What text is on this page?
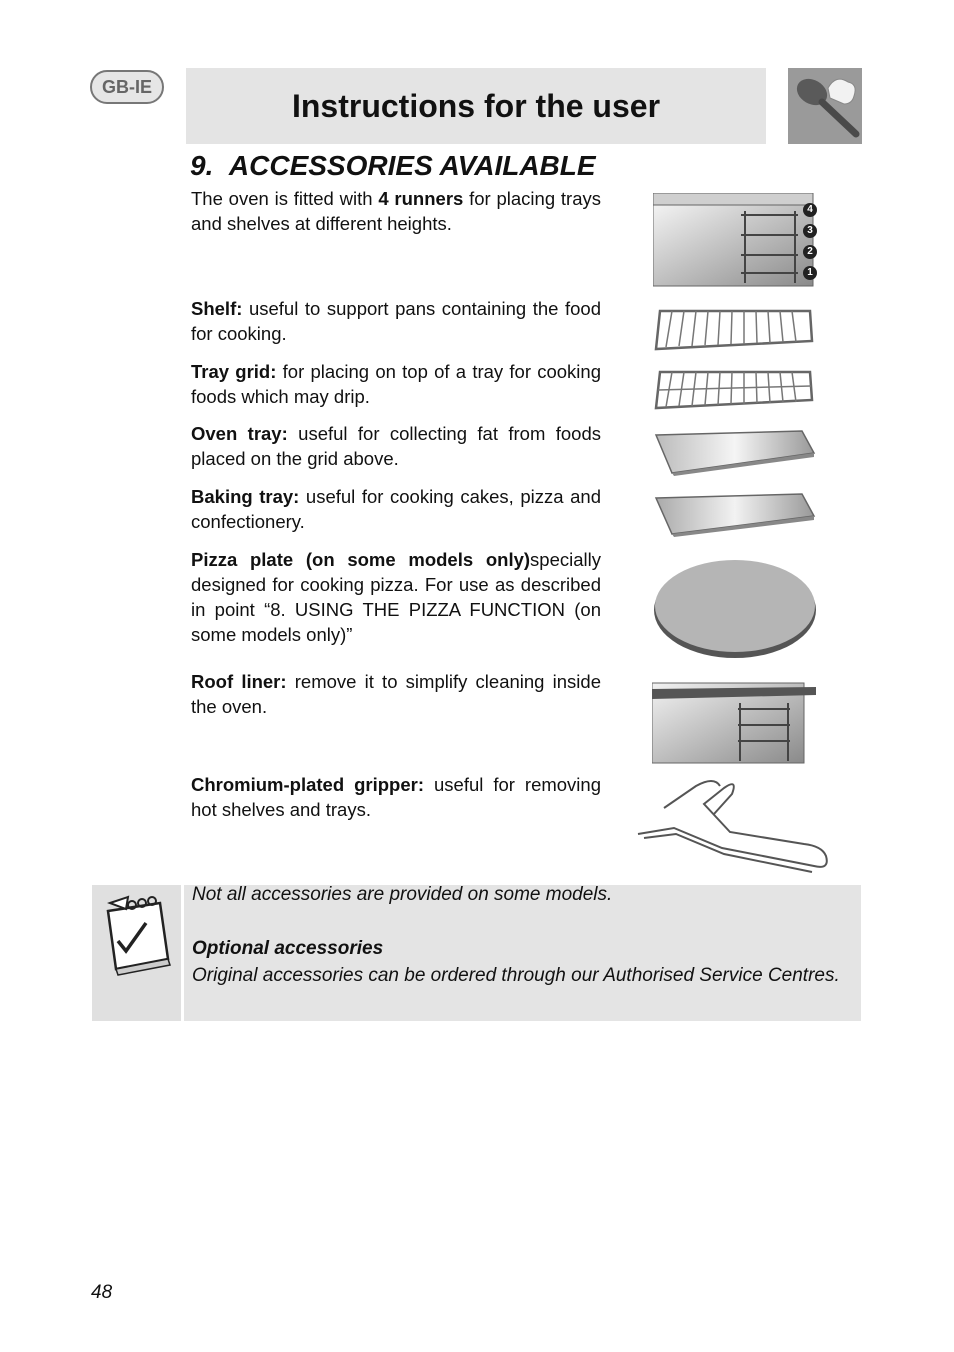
GB-IE
Instructions for the user
9. ACCESSORIES AVAILABLE

The oven is fitted with 4 runners for placing trays and shelves at different heights.

Shelf: useful to support pans containing the food for cooking.

Tray grid: for placing on top of a tray for cooking foods which may drip.

Oven tray: useful for collecting fat from foods placed on the grid above.

Baking tray: useful for cooking cakes, pizza and confectionery.

Pizza plate (on some models only)specially designed for cooking pizza. For use as described in point “8. USING THE PIZZA FUNCTION (on some models only)”

Roof liner: remove it to simplify cleaning inside the oven.

Chromium-plated gripper: useful for removing hot shelves and trays.

4
3
2
1

Not all accessories are provided on some models.

Optional accessories

Original accessories can be ordered through our Authorised Service Centres.

48
